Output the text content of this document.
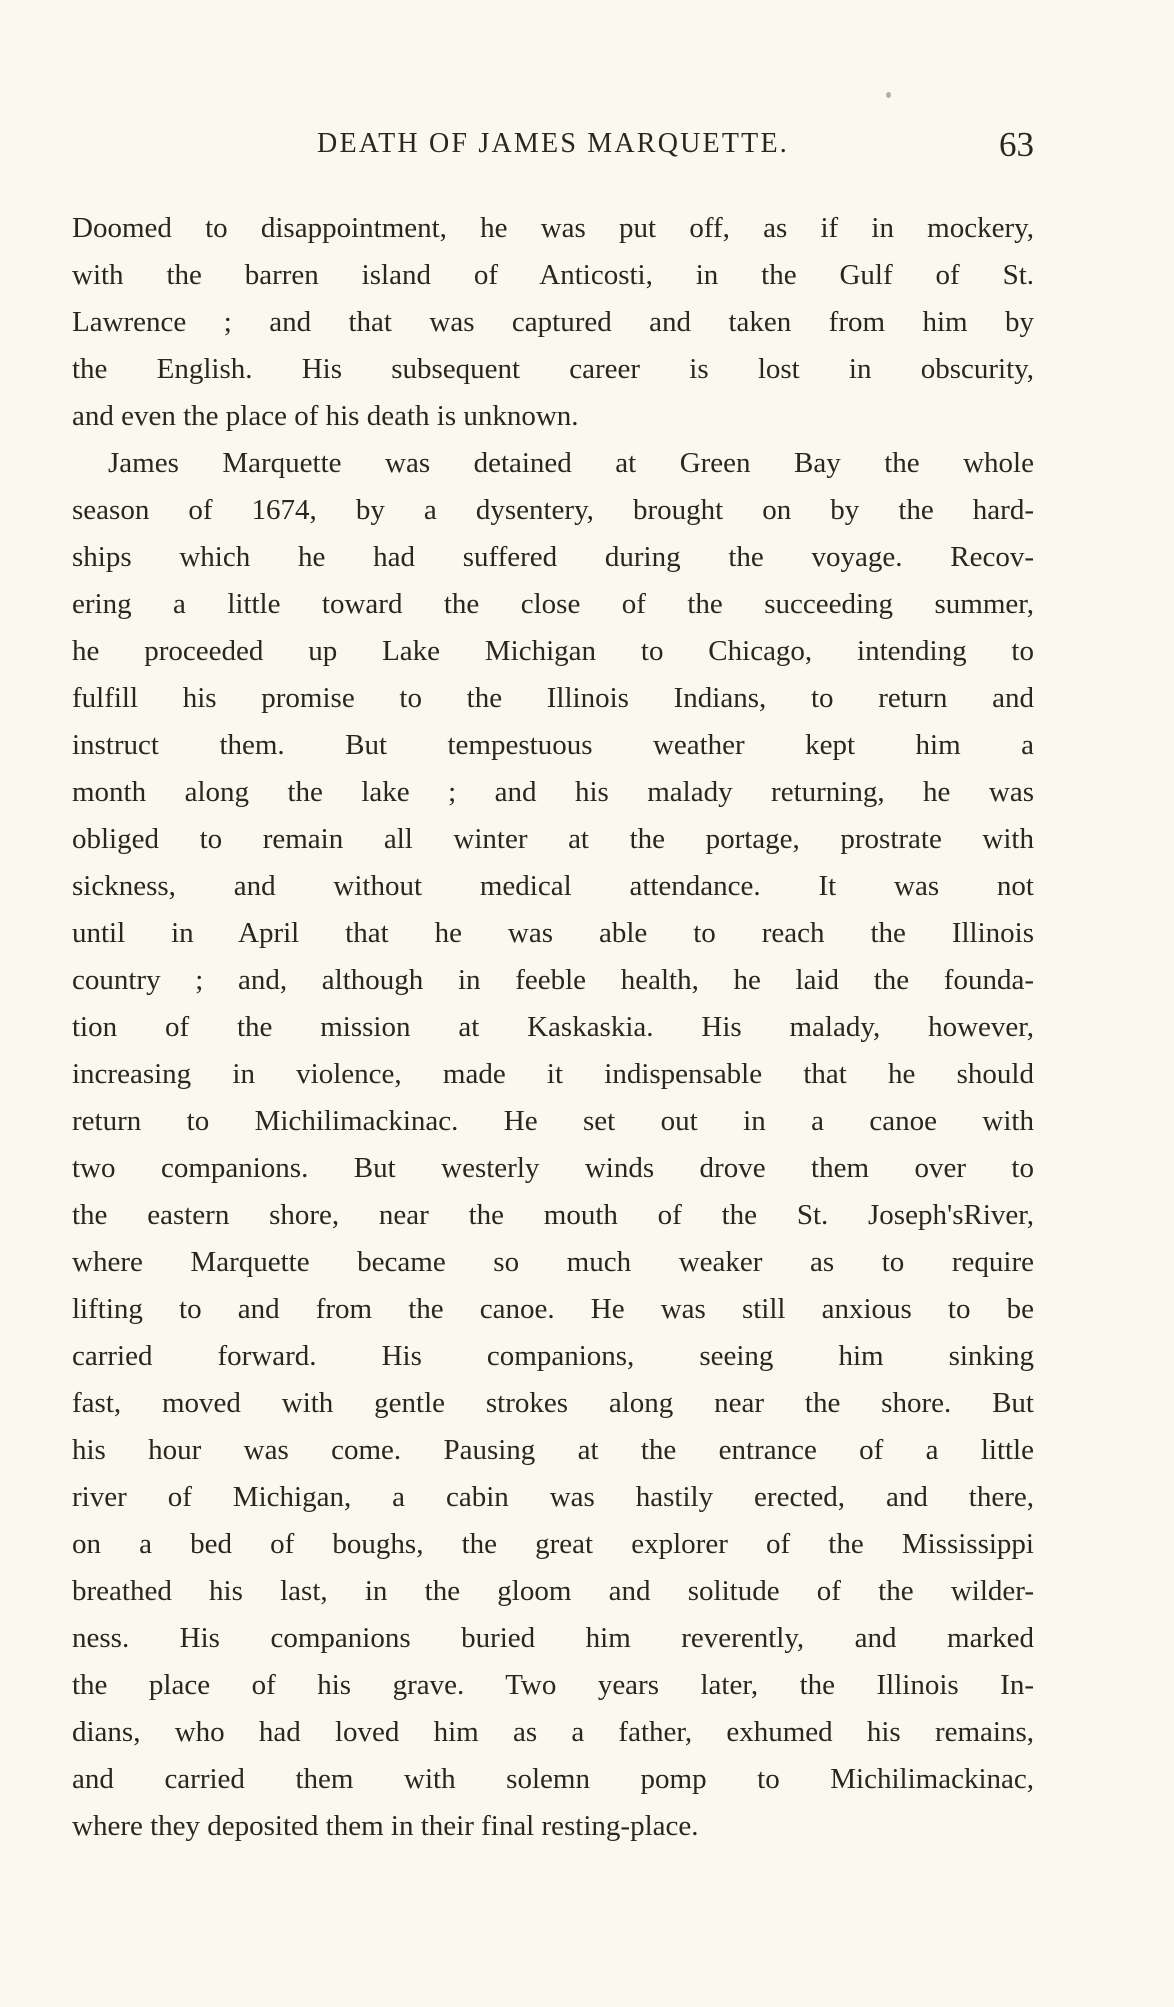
DEATH OF JAMES MARQUETTE.	63
Doomed to disappointment, he was put off, as if in mockery,
with the barren island of Anticosti, in the Gulf of St.
Lawrence ; and that was captured and taken from him by
the English. His subsequent career is lost in obscurity,
and even the place of his death is unknown.
James Marquette was detained at Green Bay the whole
season of 1674, by a dysentery, brought on by the hard-
ships which he had suffered during the voyage. Recov-
ering a little toward the close of the succeeding summer,
he proceeded up Lake Michigan to Chicago, intending to
fulfill his promise to the Illinois Indians, to return and
instruct them. But tempestuous weather kept him a
month along the lake ; and his malady returning, he was
obliged to remain all winter at the portage, prostrate with
sickness, and without medical attendance. It was not
until in April that he was able to reach the Illinois
country ; and, although in feeble health, he laid the founda-
tion of the mission at Kaskaskia. His malady, however,
increasing in violence, made it indispensable that he should
return to Michilimackinac. He set out in a canoe with
two companions. But westerly winds drove them over to
the eastern shore, near the mouth of the St. Joseph'sRiver,
where Marquette became so much weaker as to require
lifting to and from the canoe. He was still anxious to be
carried forward. His companions, seeing him sinking
fast, moved with gentle strokes along near the shore. But
his hour was come. Pausing at the entrance of a little
river of Michigan, a cabin was hastily erected, and there,
on a bed of boughs, the great explorer of the Mississippi
breathed his last, in the gloom and solitude of the wilder-
ness. His companions buried him reverently, and marked
the place of his grave. Two years later, the Illinois In-
dians, who had loved him as a father, exhumed his remains,
and carried them with solemn pomp to Michilimackinac,
where they deposited them in their final resting-place.
